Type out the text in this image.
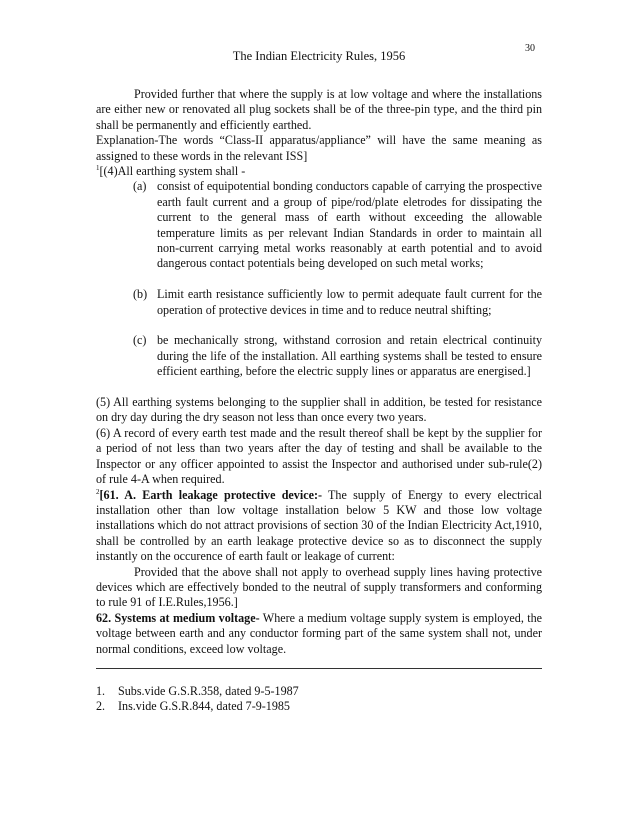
30
The Indian Electricity Rules, 1956

Provided further that where the supply is at low voltage and where the installations are either new or renovated all plug sockets shall be of the three-pin type, and the third pin shall be permanently and efficiently earthed.

Explanation-The words “Class-II apparatus/appliance” will have the same meaning as assigned to these words in the relevant ISS]

$^1$[(4)All earthing system shall -

(a) consist of equipotential bonding conductors capable of carrying the prospective earth fault current and a group of pipe/rod/plate eletrodes for dissipating the current to the general mass of earth without exceeding the allowable temperature limits as per relevant Indian Standards in order to maintain all non-current carrying metal works reasonably at earth potential and to avoid dangerous contact potentials being developed on such metal works;
(b) Limit earth resistance sufficiently low to permit adequate fault current for the operation of protective devices in time and to reduce neutral shifting;
(c) be mechanically strong, withstand corrosion and retain electrical continuity during the life of the installation. All earthing systems shall be tested to ensure efficient earthing, before the electric supply lines or apparatus are energised.]

(5) All earthing systems belonging to the supplier shall in addition, be tested for resistance on dry day during the dry season not less than once every two years.

(6) A record of every earth test made and the result thereof shall be kept by the supplier for a period of not less than two years after the day of testing and shall be available to the Inspector or any officer appointed to assist the Inspector and authorised under sub-rule(2) of rule 4-A when required.

$^2$[61. A. Earth leakage protective device:- The supply of Energy to every electrical installation other than low voltage installation below 5 KW and those low voltage installations which do not attract provisions of section 30 of the Indian Electricity Act,1910, shall be controlled by an earth leakage protective device so as to disconnect the supply instantly on the occurence of earth fault or leakage of current:

Provided that the above shall not apply to overhead supply lines having protective devices which are effectively bonded to the neutral of supply transformers and conforming to rule 91 of I.E.Rules,1956.]

62. Systems at medium voltage- Where a medium voltage supply system is employed, the voltage between earth and any conductor forming part of the same system shall not, under normal conditions, exceed low voltage.

1.	Subs.vide G.S.R.358, dated 9-5-1987
2.	Ins.vide G.S.R.844, dated 7-9-1985
